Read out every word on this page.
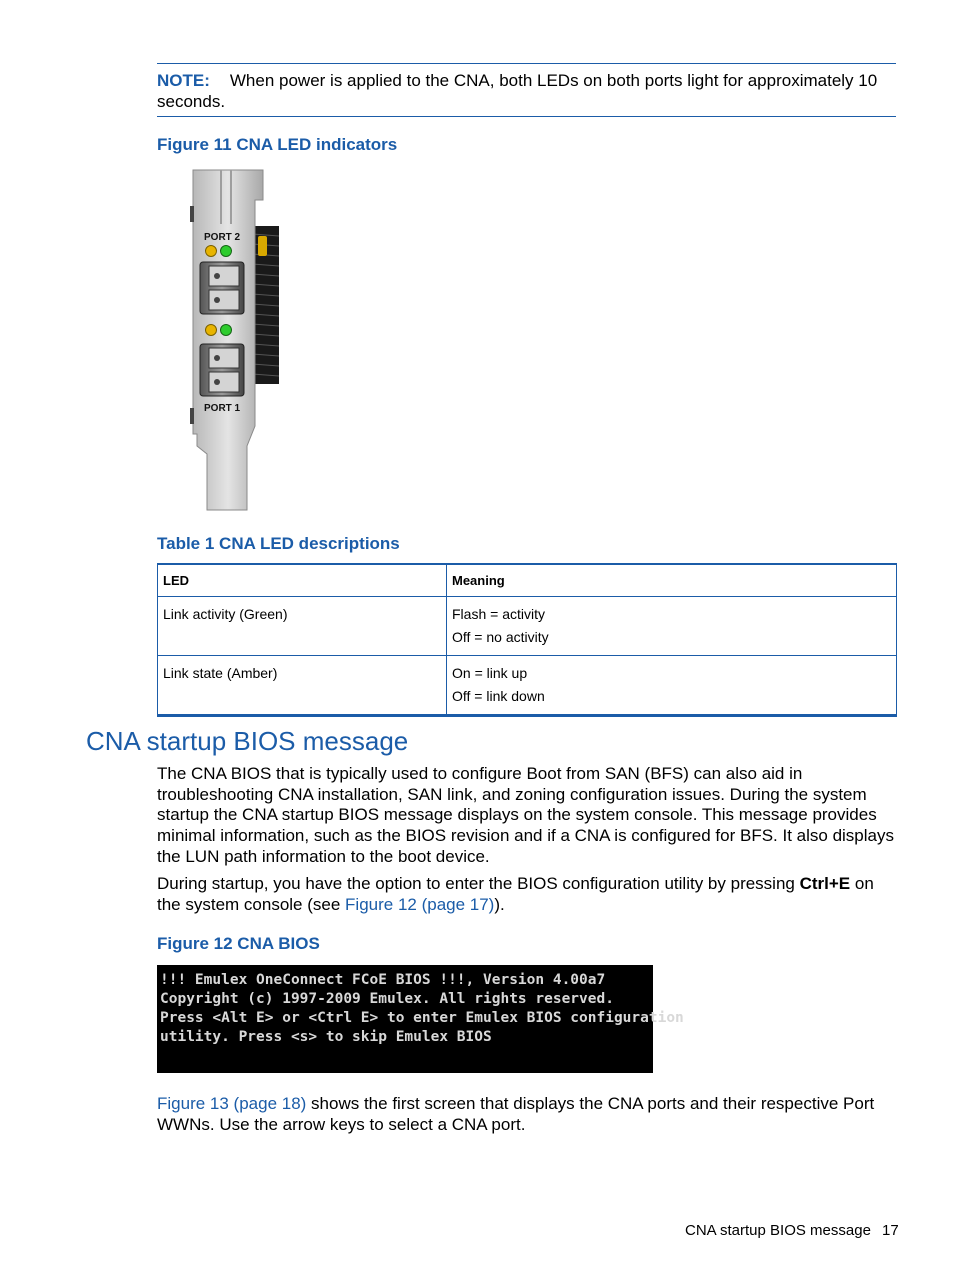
NOTE: When power is applied to the CNA, both LEDs on both ports light for approximately 10 seconds.
Figure 11 CNA LED indicators
PORT 2
PORT 1
Table 1 CNA LED descriptions
LED	Meaning
Link activity (Green)	Flash = activity
Off = no activity

Link state (Amber)	On = link up
Off = link down
CNA startup BIOS message

The CNA BIOS that is typically used to configure Boot from SAN (BFS) can also aid in troubleshooting CNA installation, SAN link, and zoning configuration issues. During the system startup the CNA startup BIOS message displays on the system console. This message provides minimal information, such as the BIOS revision and if a CNA is configured for BFS. It also displays the LUN path information to the boot device.

During startup, you have the option to enter the BIOS configuration utility by pressing Ctrl+E on the system console (see Figure 12 (page 17)).

Figure 12 CNA BIOS
!!! Emulex OneConnect FCoE BIOS !!!, Version 4.00a7
Copyright (c) 1997-2009 Emulex. All rights reserved.
Press <Alt E> or <Ctrl E> to enter Emulex BIOS configuration
utility. Press <s> to skip Emulex BIOS

Figure 13 (page 18) shows the first screen that displays the CNA ports and their respective Port WWNs. Use the arrow keys to select a CNA port.

CNA startup BIOS message 17
